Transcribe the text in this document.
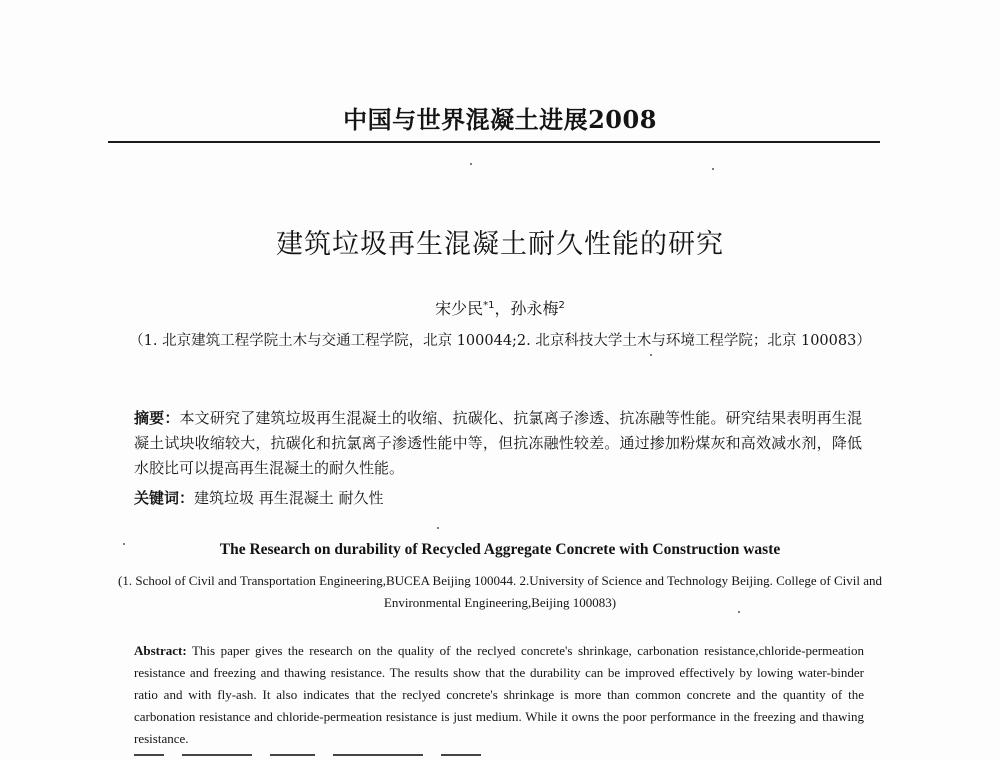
中国与世界混凝土进展2008
建筑垃圾再生混凝土耐久性能的研究
宋少民$^{*1}$，孙永梅$^2$
（1. 北京建筑工程学院土木与交通工程学院，北京 100044;2. 北京科技大学土木与环境工程学院；北京 100083）
摘要：本文研究了建筑垃圾再生混凝土的收缩、抗碳化、抗氯离子渗透、抗冻融等性能。研究结果表明再生混凝土试块收缩较大，抗碳化和抗氯离子渗透性能中等，但抗冻融性较差。通过掺加粉煤灰和高效减水剂，降低水胶比可以提高再生混凝土的耐久性能。
关键词：建筑垃圾 再生混凝土 耐久性
The Research on durability of Recycled Aggregate Concrete with Construction waste
(1. School of Civil and Transportation Engineering,BUCEA Beijing 100044. 2.University of Science and Technology Beijing. College of Civil and Environmental Engineering,Beijing 100083)
Abstract: This paper gives the research on the quality of the reclyed concrete's shrinkage, carbonation resistance,chloride-permeation resistance and freezing and thawing resistance. The results show that the durability can be improved effectively by lowing water-binder ratio and with fly-ash. It also indicates that the reclyed concrete's shrinkage is more than common concrete and the quantity of the carbonation resistance and chloride-permeation resistance is just medium. While it owns the poor performance in the freezing and thawing resistance.
